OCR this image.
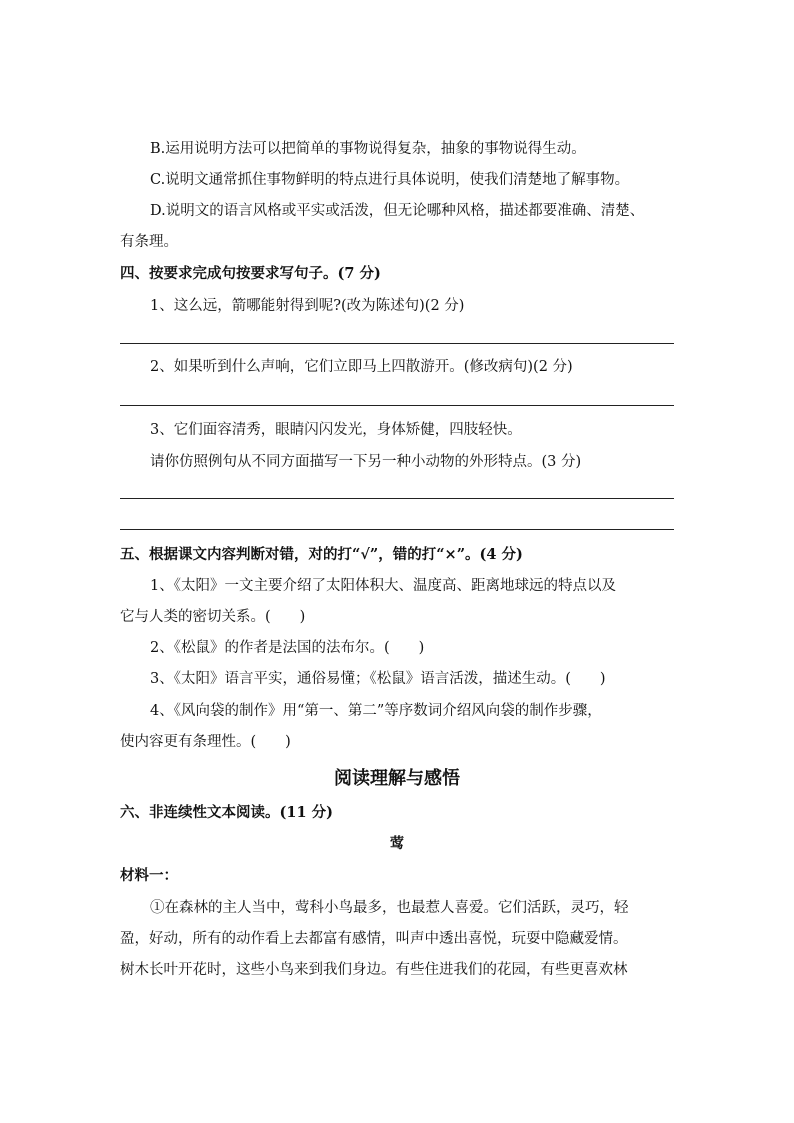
B.运用说明方法可以把简单的事物说得复杂，抽象的事物说得生动。
C.说明文通常抓住事物鲜明的特点进行具体说明，使我们清楚地了解事物。
D.说明文的语言风格或平实或活泼，但无论哪种风格，描述都要准确、清楚、
有条理。
四、按要求完成句按要求写句子。(7 分)
1、这么远，箭哪能射得到呢?(改为陈述句)(2 分)
2、如果听到什么声响，它们立即马上四散游开。(修改病句)(2 分)
3、它们面容清秀，眼睛闪闪发光，身体矫健，四肢轻快。
请你仿照例句从不同方面描写一下另一种小动物的外形特点。(3 分)
五、根据课文内容判断对错，对的打“√”，错的打“×”。(4 分)
1、《太阳》一文主要介绍了太阳体积大、温度高、距离地球远的特点以及
它与人类的密切关系。(　　)
2、《松鼠》的作者是法国的法布尔。(　　)
3、《太阳》语言平实，通俗易懂；《松鼠》语言活泼，描述生动。(　　)
4、《风向袋的制作》用“第一、第二”等序数词介绍风向袋的制作步骤，
使内容更有条理性。(　　)
阅读理解与感悟
六、非连续性文本阅读。(11 分)
莺
材料一：
①在森林的主人当中，莺科小鸟最多，也最惹人喜爱。它们活跃，灵巧，轻
盈，好动，所有的动作看上去都富有感情，叫声中透出喜悦，玩耍中隐藏爱情。
树木长叶开花时，这些小鸟来到我们身边。有些住进我们的花园，有些更喜欢林
